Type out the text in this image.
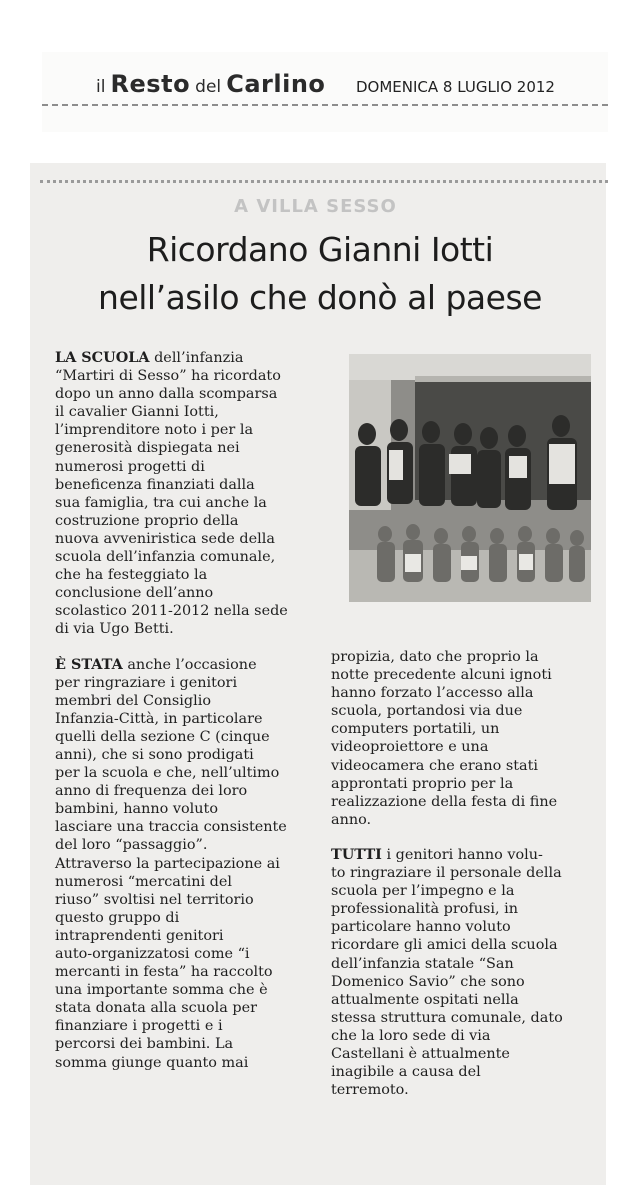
il Resto del Carlino DOMENICA 8 LUGLIO 2012
A VILLA SESSO
Ricordano Gianni Iotti
nell’asilo che donò al paese

LA SCUOLA dell’infanzia
“Martiri di Sesso” ha ricordato
dopo un anno dalla scomparsa
il cavalier Gianni Iotti,
l’imprenditore noto i per la
generosità dispiegata nei
numerosi progetti di
beneficenza finanziati dalla
sua famiglia, tra cui anche la
costruzione proprio della
nuova avveniristica sede della
scuola dell’infanzia comunale,
che ha festeggiato la
conclusione dell’anno
scolastico 2011-2012 nella sede
di via Ugo Betti.

È STATA anche l’occasione
per ringraziare i genitori
membri del Consiglio
Infanzia-Città, in particolare
quelli della sezione C (cinque
anni), che si sono prodigati
per la scuola e che, nell’ultimo
anno di frequenza dei loro
bambini, hanno voluto
lasciare una traccia consistente
del loro “passaggio”.
Attraverso la partecipazione ai
numerosi “mercatini del
riuso” svoltisi nel territorio
questo gruppo di
intraprendenti genitori
auto-organizzatosi come “i
mercanti in festa” ha raccolto
una importante somma che è
stata donata alla scuola per
finanziare i progetti e i
percorsi dei bambini. La
somma giunge quanto mai

propizia, dato che proprio la
notte precedente alcuni ignoti
hanno forzato l’accesso alla
scuola, portandosi via due
computers portatili, un
videoproiettore e una
videocamera che erano stati
approntati proprio per la
realizzazione della festa di fine
anno.

TUTTI i genitori hanno volu-
to ringraziare il personale della
scuola per l’impegno e la
professionalità profusi, in
particolare hanno voluto
ricordare gli amici della scuola
dell’infanzia statale “San
Domenico Savio” che sono
attualmente ospitati nella
stessa struttura comunale, dato
che la loro sede di via
Castellani è attualmente
inagibile a causa del
terremoto.
